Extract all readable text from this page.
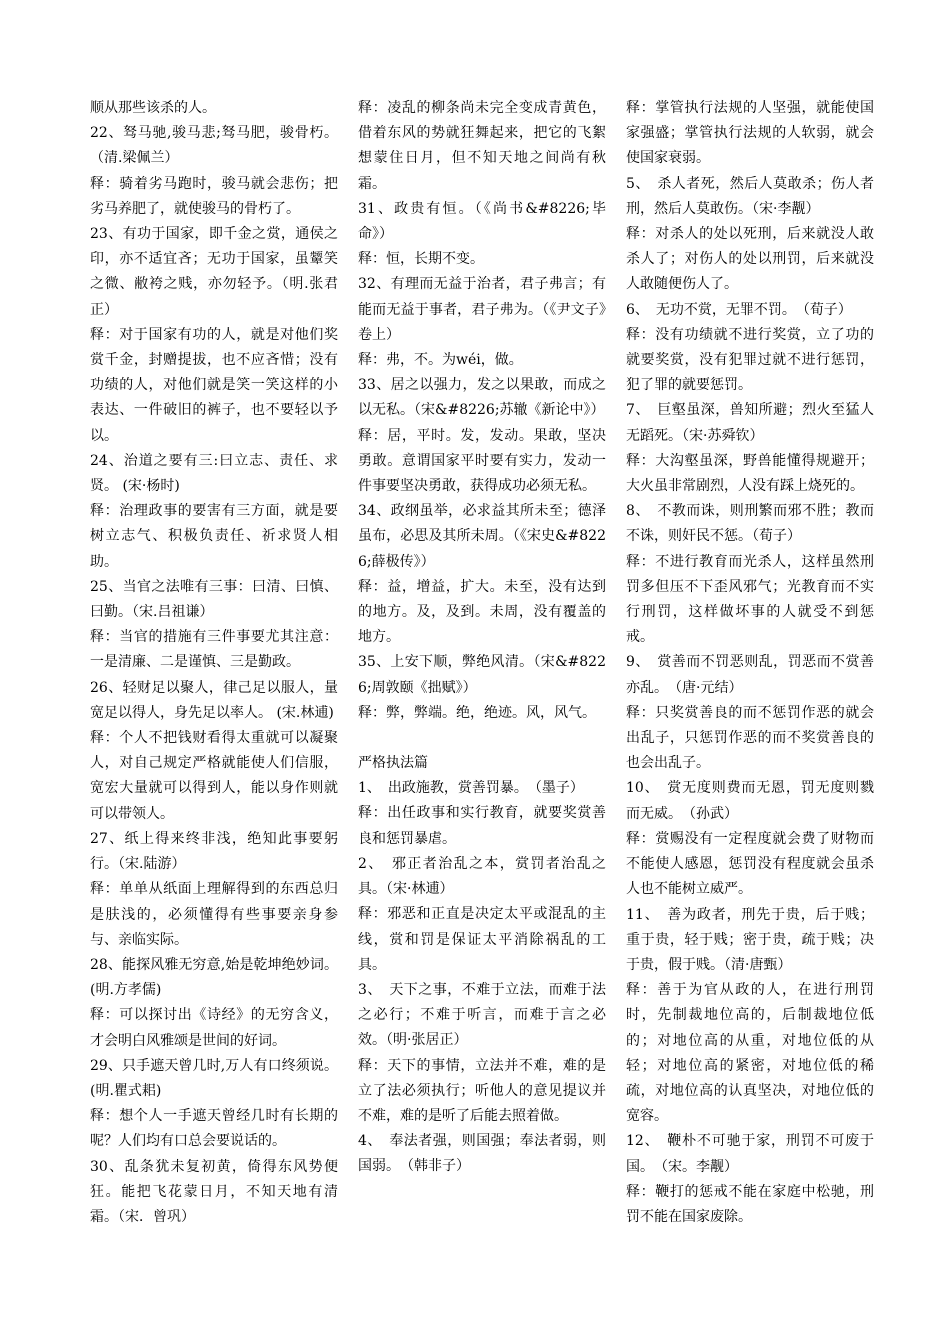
顺从那些该杀的人。

22、驽马驰,骏马悲;驽马肥，骏骨朽。（清.梁佩兰）

释：骑着劣马跑时，骏马就会悲伤；把劣马养肥了，就使骏马的骨朽了。

23、有功于国家，即千金之赏，通侯之印，亦不适宜吝；无功于国家，虽颦笑之微、敝袴之贱，亦勿轻予。（明.张君正）

释：对于国家有功的人，就是对他们奖赏千金，封赠提拔，也不应吝惜；没有功绩的人，对他们就是笑一笑这样的小表达、一件破旧的裤子，也不要轻以予以。

24、治道之要有三:曰立志、责任、求贤。 (宋·杨时)

释：治理政事的要害有三方面，就是要树立志气、积极负责任、祈求贤人相助。

25、当官之法唯有三事：曰清、曰慎、曰勤。（宋.吕祖谦）

释：当官的措施有三件事要尤其注意：一是清廉、二是谨慎、三是勤政。

26、轻财足以聚人，律己足以服人，量宽足以得人，身先足以率人。 (宋.林逋)

释：个人不把钱财看得太重就可以凝聚人，对自己规定严格就能使人们信服，宽宏大量就可以得到人，能以身作则就可以带领人。

27、纸上得来终非浅，绝知此事要躬行。（宋.陆游）

释：单单从纸面上理解得到的东西总归是肤浅的，必须懂得有些事要亲身参与、亲临实际。

28、能探风雅无穷意,始是乾坤绝妙词。(明.方孝儒)

释：可以探讨出《诗经》的无穷含义，才会明白风雅颂是世间的好词。

29、只手遮天曾几时,万人有口终须说。(明.瞿式耜)

释：想个人一手遮天曾经几时有长期的呢？人们均有口总会要说话的。

30、乱条犹未复初黄，倚得东风势便狂。能把飞花蒙日月，不知天地有清霜。（宋．曾巩）

释：凌乱的柳条尚未完全变成青黄色，借着东风的势就狂舞起来，把它的飞絮想蒙住日月，但不知天地之间尚有秋霜。

31、政贵有恒。（《尚书&#8226;毕命》）

释：恒，长期不变。

32、有理而无益于治者，君子弗言；有能而无益于事者，君子弗为。（《尹文子》卷上）

释：弗，不。为wéi，做。

33、居之以强力，发之以果敢，而成之以无私。（宋&#8226;苏辙《新论中》）

释：居，平时。发，发动。果敢，坚决勇敢。意谓国家平时要有实力，发动一件事要坚决勇敢，获得成功必须无私。

34、政纲虽举，必求益其所未至；德泽虽布，必思及其所未周。（《宋史&#8226;薛极传》）

释：益，增益，扩大。未至，没有达到的地方。及，及到。未周，没有覆盖的地方。

35、上安下顺，弊绝风清。（宋&#8226;周敦颐《拙赋》）

释：弊，弊端。绝，绝迹。风，风气。

严格执法篇

1、　出政施教，赏善罚暴。　（墨子）

释：出任政事和实行教育，就要奖赏善良和惩罚暴虐。

2、　邪正者治乱之本，赏罚者治乱之具。（宋·林逋）

释：邪恶和正直是决定太平或混乱的主线，赏和罚是保证太平消除祸乱的工具。

3、　天下之事，不难于立法，而难于法之必行；不难于听言，而难于言之必效。（明·张居正）

释：天下的事情，立法并不难，难的是立了法必须执行；听他人的意见提议并不难，难的是听了后能去照着做。

4、　奉法者强，则国强；奉法者弱，则国弱。　（韩非子）

释：掌管执行法规的人坚强，就能使国家强盛；掌管执行法规的人软弱，就会使国家衰弱。

5、　杀人者死，然后人莫敢杀；伤人者刑，然后人莫敢伤。（宋·李觏）

释：对杀人的处以死刑，后来就没人敢杀人了；对伤人的处以刑罚，后来就没人敢随便伤人了。

6、　无功不赏，无罪不罚。　（荀子）

释：没有功绩就不进行奖赏，立了功的就要奖赏，没有犯罪过就不进行惩罚，犯了罪的就要惩罚。

7、　巨壑虽深，兽知所避；烈火至猛人无蹈死。（宋·苏舜钦）

释：大沟壑虽深，野兽能懂得规避开；大火虽非常剧烈，人没有踩上烧死的。

8、　不教而诛，则刑繁而邪不胜；教而不诛，则奸民不惩。（荀子）

释：不进行教育而光杀人，这样虽然刑罚多但压不下歪风邪气；光教育而不实行刑罚，这样做坏事的人就受不到惩戒。

9、　赏善而不罚恶则乱，罚恶而不赏善亦乱。　（唐·元结）

释：只奖赏善良的而不惩罚作恶的就会出乱子，只惩罚作恶的而不奖赏善良的也会出乱子。

10、　赏无度则费而无恩，罚无度则戮而无威。　（孙武）

释：赏赐没有一定程度就会费了财物而不能使人感恩，惩罚没有程度就会虽杀人也不能树立威严。

11、　善为政者，刑先于贵，后于贱；重于贵，轻于贱；密于贵，疏于贱；决于贵，假于贱。（清·唐甄）

释：善于为官从政的人，在进行刑罚时，先制裁地位高的，后制裁地位低的；对地位高的从重，对地位低的从轻；对地位高的紧密，对地位低的稀疏，对地位高的认真坚决，对地位低的宽容。

12、　鞭朴不可驰于家，刑罚不可废于国。　（宋。李觏）

释：鞭打的惩戒不能在家庭中松驰，刑罚不能在国家废除。
